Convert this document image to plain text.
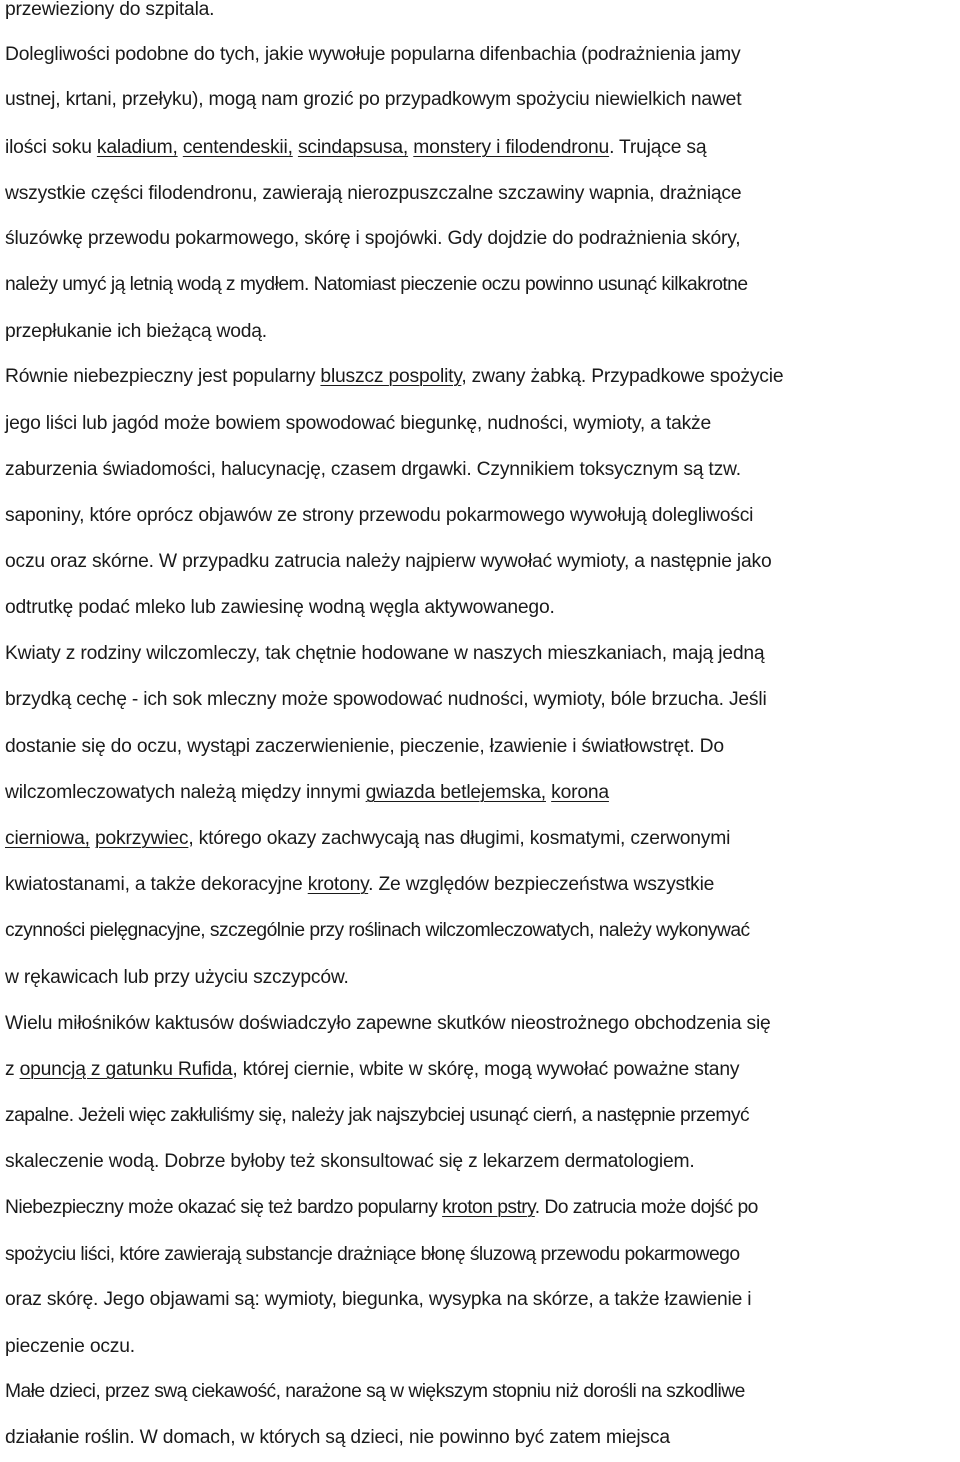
przewieziony do szpitala.
Dolegliwości podobne do tych, jakie wywołuje popularna difenbachia (podrażnienia jamy
ustnej, krtani, przełyku), mogą nam grozić po przypadkowym spożyciu niewielkich nawet
ilości soku kaladium, centendeskii, scindapsusa, monstery i filodendronu. Trujące są
wszystkie części filodendronu, zawierają nierozpuszczalne szczawiny wapnia, drażniące
śluzówkę przewodu pokarmowego, skórę i spojówki. Gdy dojdzie do podrażnienia skóry,
należy umyć ją letnią wodą z mydłem. Natomiast pieczenie oczu powinno usunąć kilkakrotne
przepłukanie ich bieżącą wodą.
Równie niebezpieczny jest popularny bluszcz pospolity, zwany żabką. Przypadkowe spożycie
jego liści lub jagód może bowiem spowodować biegunkę, nudności, wymioty, a także
zaburzenia świadomości, halucynację, czasem drgawki. Czynnikiem toksycznym są tzw.
saponiny, które oprócz objawów ze strony przewodu pokarmowego wywołują dolegliwości
oczu oraz skórne. W przypadku zatrucia należy najpierw wywołać wymioty, a następnie jako
odtrutkę podać mleko lub zawiesinę wodną węgla aktywowanego.
Kwiaty z rodziny wilczomleczy, tak chętnie hodowane w naszych mieszkaniach, mają jedną
brzydką cechę - ich sok mleczny może spowodować nudności, wymioty, bóle brzucha. Jeśli
dostanie się do oczu, wystąpi zaczerwienienie, pieczenie, łzawienie i światłowstręt. Do
wilczomleczowatych należą między innymi gwiazda betlejemska, korona
cierniowa, pokrzywiec, którego okazy zachwycają nas długimi, kosmatymi, czerwonymi
kwiatostanami, a także dekoracyjne krotony. Ze względów bezpieczeństwa wszystkie
czynności pielęgnacyjne, szczególnie przy roślinach wilczomleczowatych, należy wykonywać
w rękawicach lub przy użyciu szczypców.
Wielu miłośników kaktusów doświadczyło zapewne skutków nieostrożnego obchodzenia się
z opuncją z gatunku Rufida, której ciernie, wbite w skórę, mogą wywołać poważne stany
zapalne. Jeżeli więc zakłuliśmy się, należy jak najszybciej usunąć cierń, a następnie przemyć
skaleczenie wodą. Dobrze byłoby też skonsultować się z lekarzem dermatologiem.
Niebezpieczny może okazać się też bardzo popularny kroton pstry. Do zatrucia może dojść po
spożyciu liści, które zawierają substancje drażniące błonę śluzową przewodu pokarmowego
oraz skórę. Jego objawami są: wymioty, biegunka, wysypka na skórze, a także łzawienie i
pieczenie oczu.
Małe dzieci, przez swą ciekawość, narażone są w większym stopniu niż dorośli na szkodliwe
działanie roślin. W domach, w których są dzieci, nie powinno być zatem miejsca
